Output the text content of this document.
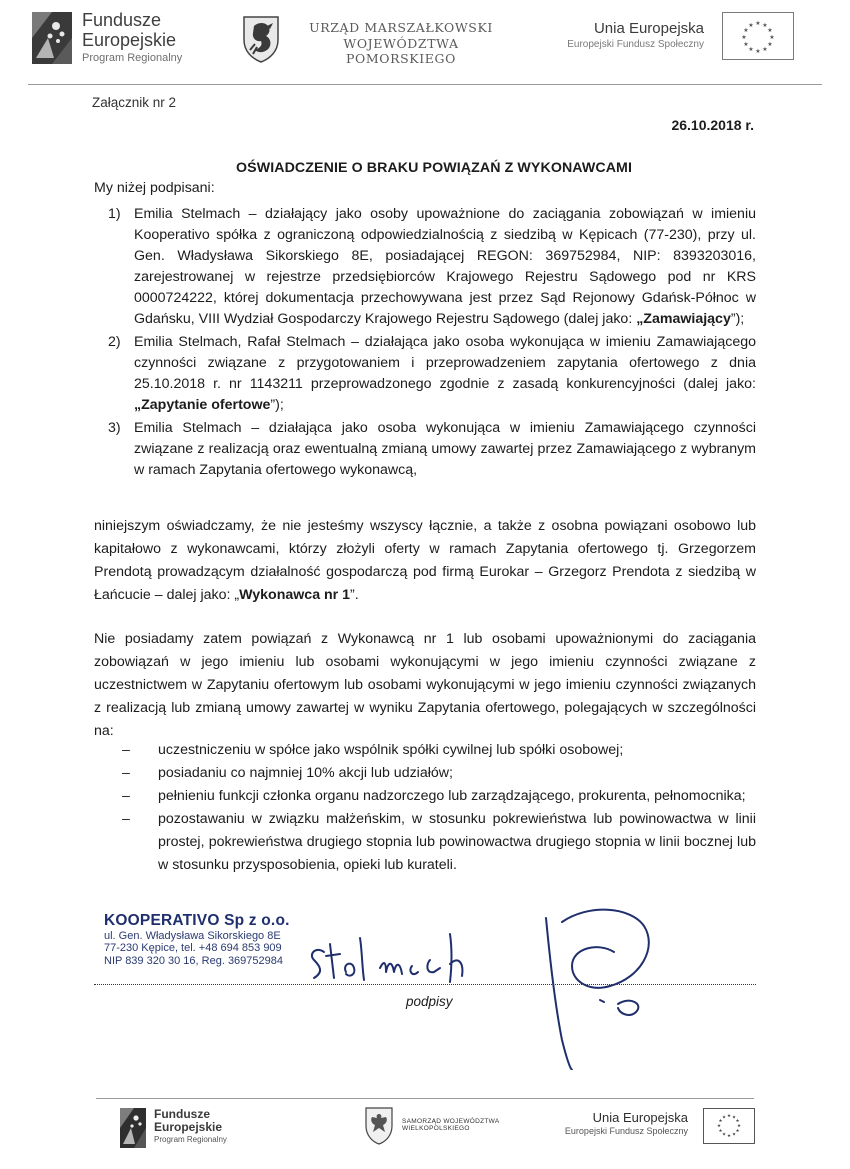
Fundusze
Europejskie
Program Regionalny
URZĄD MARSZAŁKOWSKI
WOJEWÓDZTWA POMORSKIEGO
Unia Europejska
Europejski Fundusz Społeczny
★ ★
★
★
★
★
★
★
★
★
★
★
Załącznik nr 2
26.10.2018 r.
OŚWIADCZENIE O BRAKU POWIĄZAŃ Z WYKONAWCAMI
My niżej podpisani:
1) Emilia Stelmach – działający jako osoby upoważnione do zaciągania zobowiązań w imieniu Kooperativo spółka z ograniczoną odpowiedzialnością z siedzibą w Kępicach (77-230), przy ul. Gen. Władysława Sikorskiego 8E, posiadającej REGON: 369752984, NIP: 8393203016, zarejestrowanej w rejestrze przedsiębiorców Krajowego Rejestru Sądowego pod nr KRS 0000724222, której dokumentacja przechowywana jest przez Sąd Rejonowy Gdańsk-Północ w Gdańsku, VIII Wydział Gospodarczy Krajowego Rejestru Sądowego (dalej jako: „Zamawiający”);
2) Emilia Stelmach, Rafał Stelmach – działająca jako osoba wykonująca w imieniu Zamawiającego czynności związane z przygotowaniem i przeprowadzeniem zapytania ofertowego z dnia 25.10.2018 r. nr 1143211 przeprowadzonego zgodnie z zasadą konkurencyjności (dalej jako: „Zapytanie ofertowe”);
3) Emilia Stelmach – działająca jako osoba wykonująca w imieniu Zamawiającego czynności związane z realizacją oraz ewentualną zmianą umowy zawartej przez Zamawiającego z wybranym w ramach Zapytania ofertowego wykonawcą,

niniejszym oświadczamy, że nie jesteśmy wszyscy łącznie, a także z osobna powiązani osobowo lub kapitałowo z wykonawcami, którzy złożyli oferty w ramach Zapytania ofertowego tj. Grzegorzem Prendotą prowadzącym działalność gospodarczą pod firmą Eurokar – Grzegorz Prendota z siedzibą w Łańcucie – dalej jako: „Wykonawca nr 1”.

Nie posiadamy zatem powiązań z Wykonawcą nr 1 lub osobami upoważnionymi do zaciągania zobowiązań w jego imieniu lub osobami wykonującymi w jego imieniu czynności związane z uczestnictwem w Zapytaniu ofertowym lub osobami wykonującymi w jego imieniu czynności związanych z realizacją lub zmianą umowy zawartej w wyniku Zapytania ofertowego, polegających w szczególności na:

– uczestniczeniu w spółce jako wspólnik spółki cywilnej lub spółki osobowej;
– posiadaniu co najmniej 10% akcji lub udziałów;
– pełnieniu funkcji członka organu nadzorczego lub zarządzającego, prokurenta, pełnomocnika;
– pozostawaniu w związku małżeńskim, w stosunku pokrewieństwa lub powinowactwa w linii prostej, pokrewieństwa drugiego stopnia lub powinowactwa drugiego stopnia w linii bocznej lub w stosunku przysposobienia, opieki lub kurateli.
KOOPERATIVO Sp z o.o.
ul. Gen. Władysława Sikorskiego 8E
77-230 Kępice, tel. +48 694 853 909
NIP 839 320 30 16, Reg. 369752984
podpisy
Fundusze
Europejskie
Program Regionalny
SAMORZĄD WOJEWÓDZTWA
WIELKOPOLSKIEGO
Unia Europejska
Europejski Fundusz Społeczny
★ ★
★
★
★
★
★
★
★
★
★
★
